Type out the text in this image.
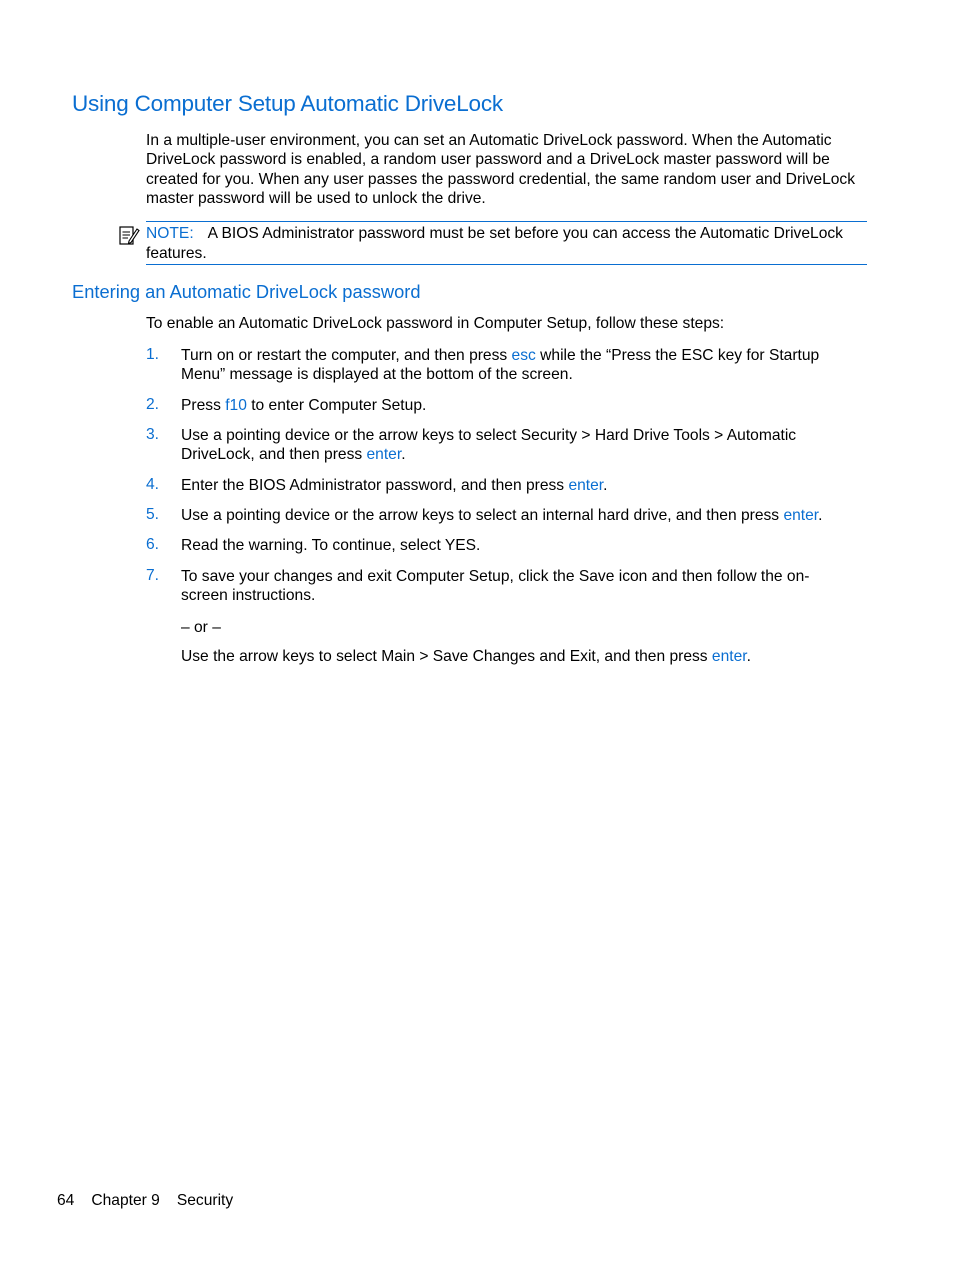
Using Computer Setup Automatic DriveLock
In a multiple-user environment, you can set an Automatic DriveLock password. When the Automatic DriveLock password is enabled, a random user password and a DriveLock master password will be created for you. When any user passes the password credential, the same random user and DriveLock master password will be used to unlock the drive.
NOTE: A BIOS Administrator password must be set before you can access the Automatic DriveLock features.
Entering an Automatic DriveLock password
To enable an Automatic DriveLock password in Computer Setup, follow these steps:
1. Turn on or restart the computer, and then press esc while the “Press the ESC key for Startup Menu” message is displayed at the bottom of the screen.
2. Press f10 to enter Computer Setup.
3. Use a pointing device or the arrow keys to select Security > Hard Drive Tools > Automatic DriveLock, and then press enter.
4. Enter the BIOS Administrator password, and then press enter.
5. Use a pointing device or the arrow keys to select an internal hard drive, and then press enter.
6. Read the warning. To continue, select YES.
7. To save your changes and exit Computer Setup, click the Save icon and then follow the on-screen instructions.
– or –
Use the arrow keys to select Main > Save Changes and Exit, and then press enter.
64 Chapter 9 Security
